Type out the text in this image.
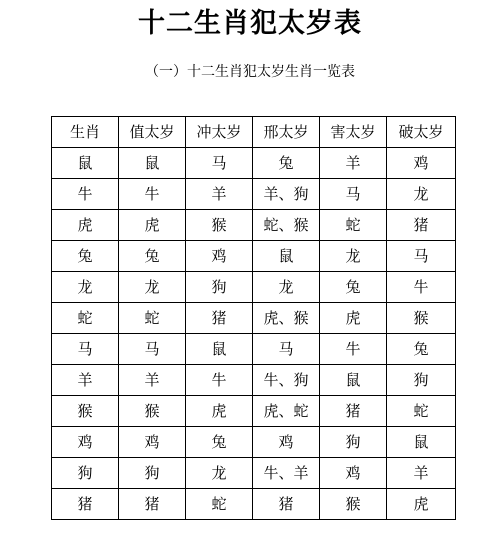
十二生肖犯太岁表
（一）十二生肖犯太岁生肖一览表
生肖	值太岁	冲太岁	邢太岁	害太岁	破太岁
鼠	鼠	马	兔	羊	鸡
牛	牛	羊	羊、狗	马	龙
虎	虎	猴	蛇、猴	蛇	猪
兔	兔	鸡	鼠	龙	马
龙	龙	狗	龙	兔	牛
蛇	蛇	猪	虎、猴	虎	猴
马	马	鼠	马	牛	兔
羊	羊	牛	牛、狗	鼠	狗
猴	猴	虎	虎、蛇	猪	蛇
鸡	鸡	兔	鸡	狗	鼠
狗	狗	龙	牛、羊	鸡	羊
猪	猪	蛇	猪	猴	虎
